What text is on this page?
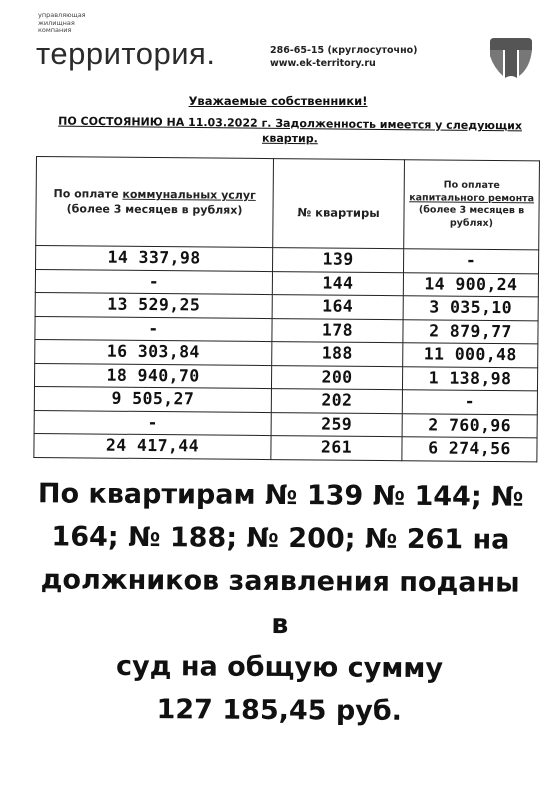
управляющая
жилищная
компания
территория.	286-65-15 (круглосуточно)
www.ek-territory.ru
Уважаемые собственники!
ПО СОСТОЯНИЮ НА 11.03.2022 г. Задолженность имеется у следующих квартир.
По оплате коммунальных услуг (более 3 месяцев в рублях)	№ квартиры	По оплате капитального ремонта (более 3 месяцев в рублях)
14 337,98	139	-
-	144	14 900,24
13 529,25	164	3 035,10
-	178	2 879,77
16 303,84	188	11 000,48
18 940,70	200	1 138,98
9 505,27	202	-
-	259	2 760,96
24 417,44	261	6 274,56
По квартирам № 139 № 144; №
164; № 188; № 200; № 261 на
должников заявления поданы в
суд на общую сумму
127 185,45 руб.
